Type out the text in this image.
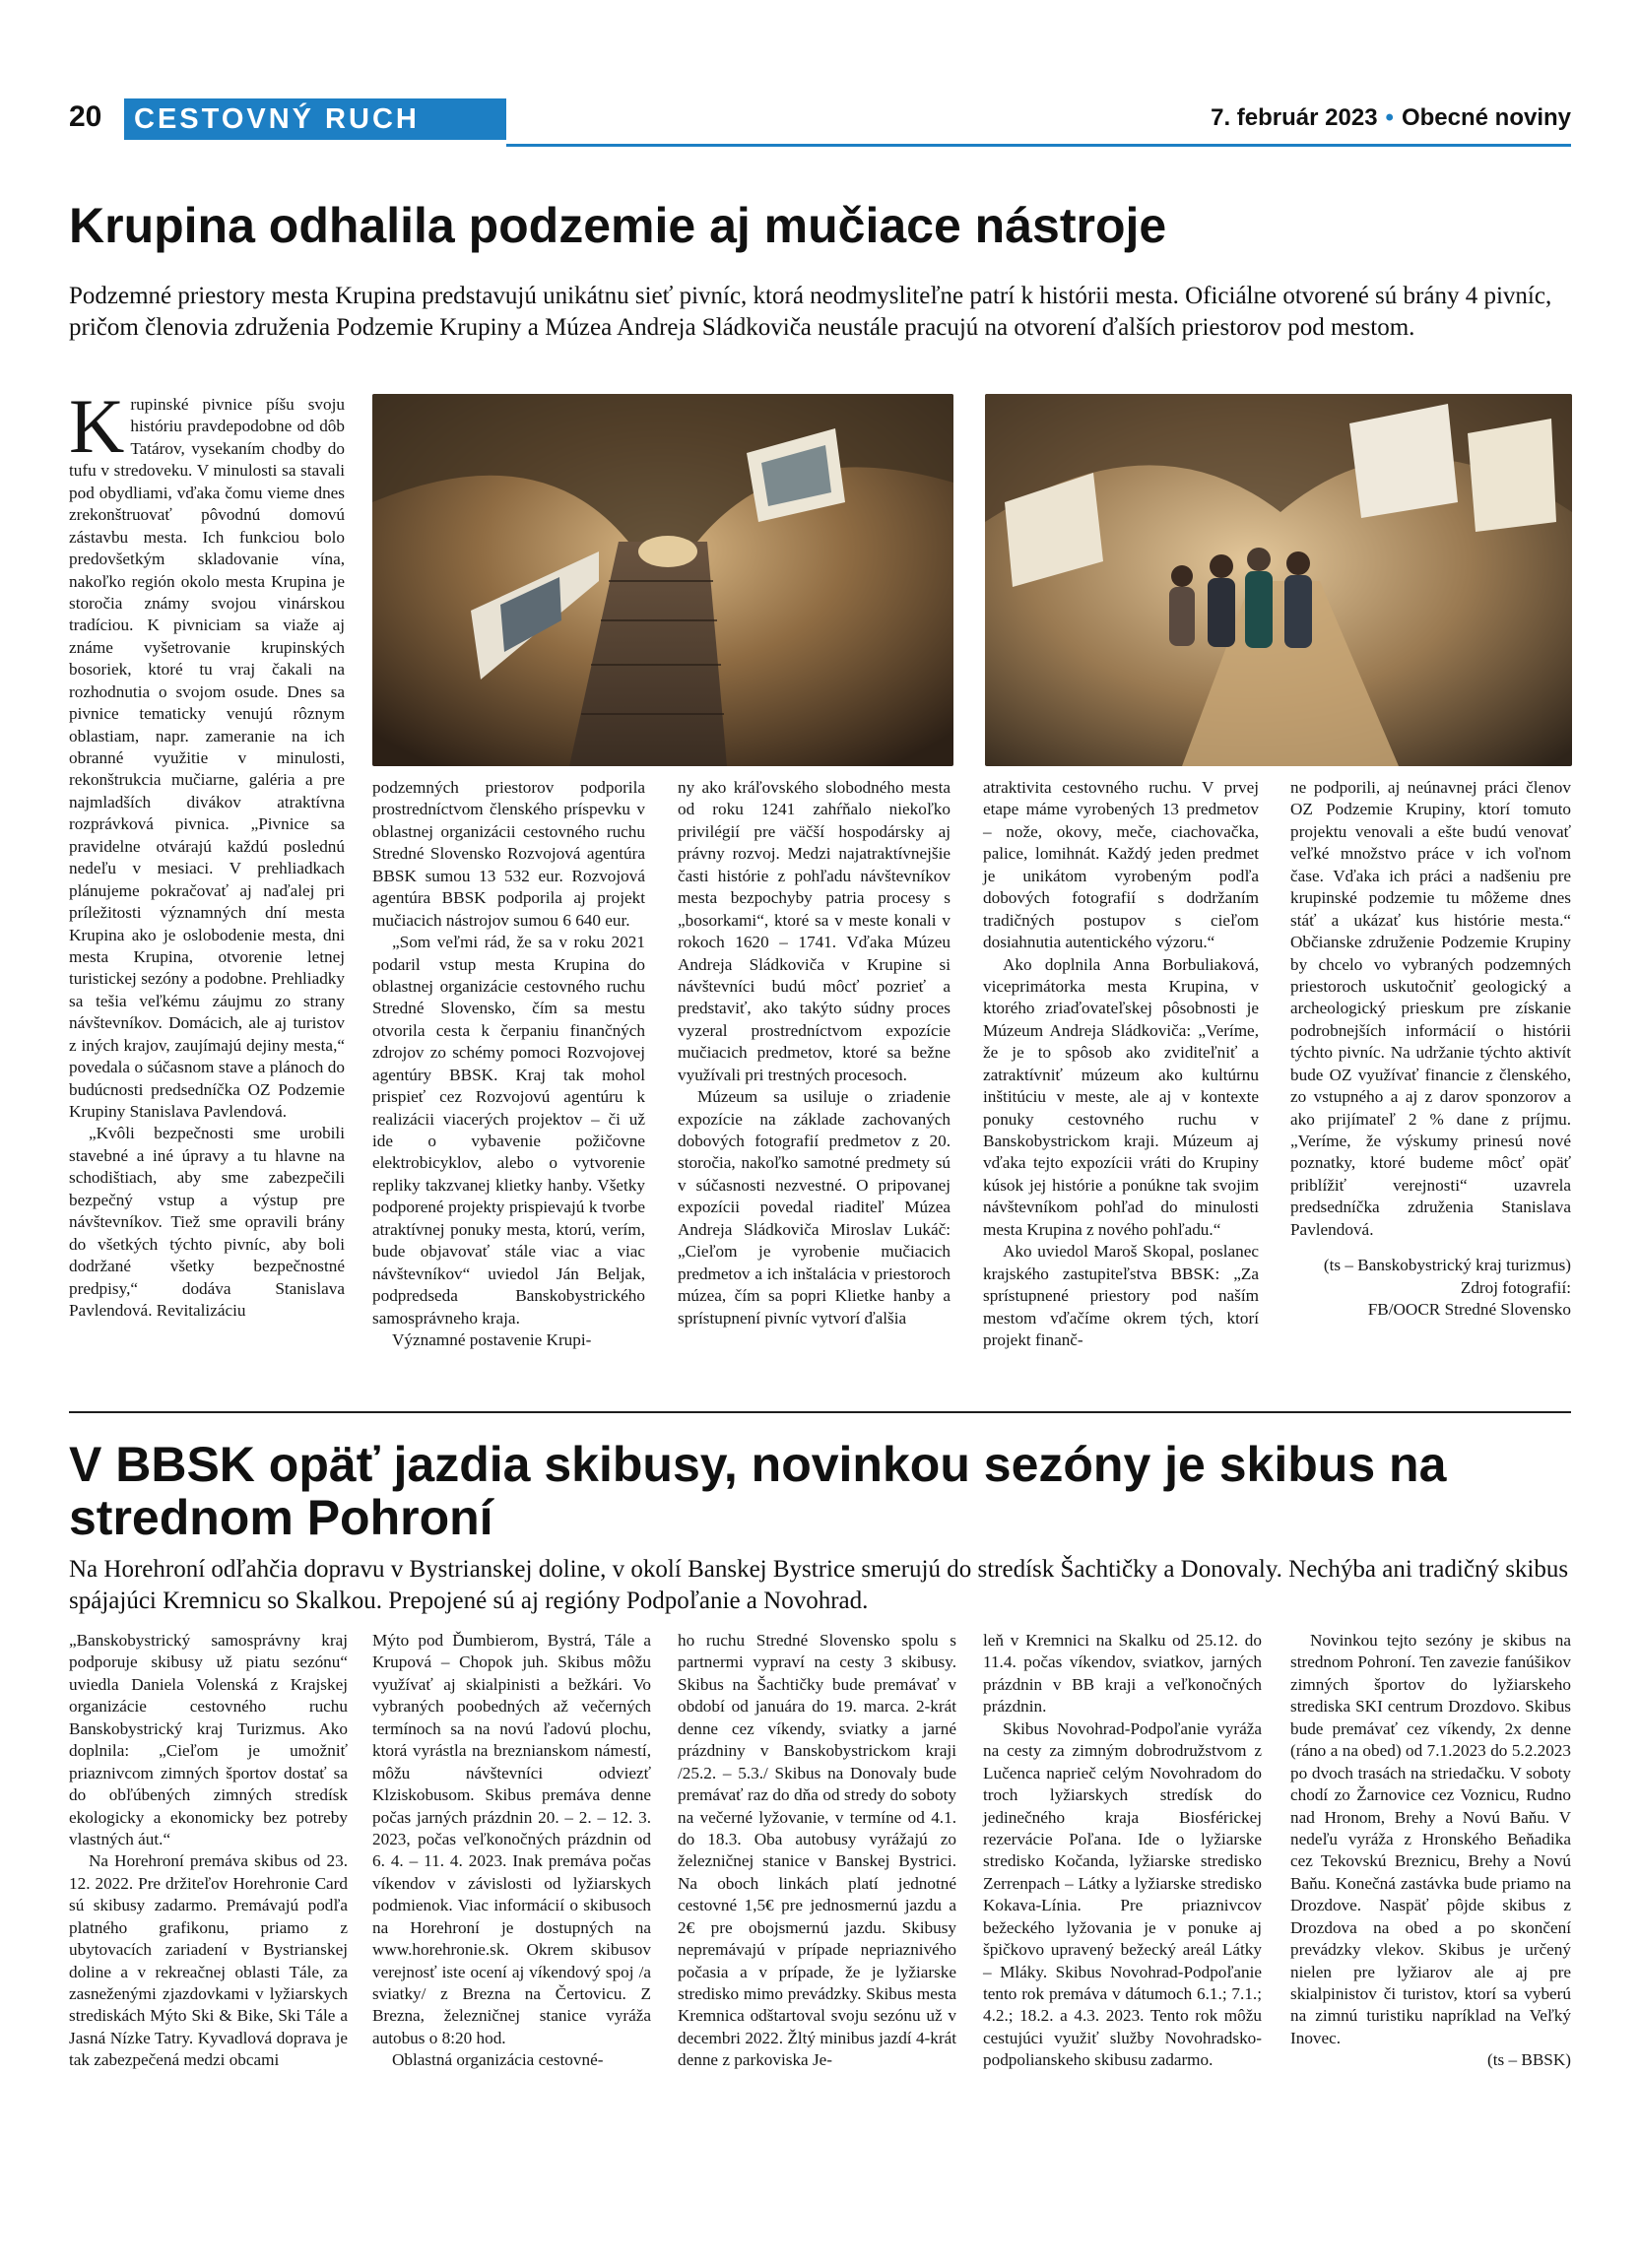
20	CESTOVNÝ RUCH	7. február 2023 • Obecné noviny
Krupina odhalila podzemie aj mučiace nástroje

Podzemné priestory mesta Krupina predstavujú unikátnu sieť pivníc, ktorá neodmysliteľne patrí k histórii mesta. Oficiálne otvorené sú brány 4 pivníc, pričom členovia združenia Podzemie Krupiny a Múzea Andreja Sládkoviča neustále pracujú na otvorení ďalších priestorov pod mestom.

Krupinské pivnice píšu svoju históriu pravdepodobne od dôb Tatárov, vysekaním chodby do tufu v stredoveku. V minulosti sa stavali pod obydliami, vďaka čomu vieme dnes zrekonštruovať pôvodnú domovú zástavbu mesta. Ich funkciou bolo predovšetkým skladovanie vína, nakoľko región okolo mesta Krupina je storočia známy svojou vinárskou tradíciou. K pivniciam sa viaže aj známe vyšetrovanie krupinských bosoriek, ktoré tu vraj čakali na rozhodnutia o svojom osude. Dnes sa pivnice tematicky venujú rôznym oblastiam, napr. zameranie na ich obranné využitie v minulosti, rekonštrukcia mučiarne, galéria a pre najmladších divákov atraktívna rozprávková pivnica. „Pivnice sa pravidelne otvárajú každú poslednú nedeľu v mesiaci. V prehliadkach plánujeme pokračovať aj naďalej pri príležitosti významných dní mesta Krupina ako je oslobodenie mesta, dni mesta Krupina, otvorenie letnej turistickej sezóny a podobne. Prehliadky sa tešia veľkému záujmu zo strany návštevníkov. Domácich, ale aj turistov z iných krajov, zaujímajú dejiny mesta,“ povedala o súčasnom stave a plánoch do budúcnosti predsedníčka OZ Podzemie Krupiny Stanislava Pavlendová.

„Kvôli bezpečnosti sme urobili stavebné a iné úpravy a tu hlavne na schodištiach, aby sme zabezpečili bezpečný vstup a výstup pre návštevníkov. Tiež sme opravili brány do všetkých týchto pivníc, aby boli dodržané všetky bezpečnostné predpisy,“ dodáva Stanislava Pavlendová. Revitalizáciu

podzemných priestorov podporila prostredníctvom členského príspevku v oblastnej organizácii cestovného ruchu Stredné Slovensko Rozvojová agentúra BBSK sumou 13 532 eur. Rozvojová agentúra BBSK podporila aj projekt mučiacich nástrojov sumou 6 640 eur.

„Som veľmi rád, že sa v roku 2021 podaril vstup mesta Krupina do oblastnej organizácie cestovného ruchu Stredné Slovensko, čím sa mestu otvorila cesta k čerpaniu finančných zdrojov zo schémy pomoci Rozvojovej agentúry BBSK. Kraj tak mohol prispieť cez Rozvojovú agentúru k realizácii viacerých projektov – či už ide o vybavenie požičovne elektrobicyklov, alebo o vytvorenie repliky takzvanej klietky hanby. Všetky podporené projekty prispievajú k tvorbe atraktívnej ponuky mesta, ktorú, verím, bude objavovať stále viac a viac návštevníkov“ uviedol Ján Beljak, podpredseda Banskobystrického samosprávneho kraja.

Významné postavenie Krupi-

ny ako kráľovského slobodného mesta od roku 1241 zahŕňalo niekoľko privilégií pre väčší hospodársky aj právny rozvoj. Medzi najatraktívnejšie časti histórie z pohľadu návštevníkov mesta bezpochyby patria procesy s „bosorkami“, ktoré sa v meste konali v rokoch 1620 – 1741. Vďaka Múzeu Andreja Sládkoviča v Krupine si návštevníci budú môcť pozrieť a predstaviť, ako takýto súdny proces vyzeral prostredníctvom expozície mučiacich predmetov, ktoré sa bežne využívali pri trestných procesoch.

Múzeum sa usiluje o zriadenie expozície na základe zachovaných dobových fotografií predmetov z 20. storočia, nakoľko samotné predmety sú v súčasnosti nezvestné. O pripovanej expozícii povedal riaditeľ Múzea Andreja Sládkoviča Miroslav Lukáč: „Cieľom je vyrobenie mučiacich predmetov a ich inštalácia v priestoroch múzea, čím sa popri Klietke hanby a sprístupnení pivníc vytvorí ďalšia

atraktivita cestovného ruchu. V prvej etape máme vyrobených 13 predmetov – nože, okovy, meče, ciachovačka, palice, lomihnát. Každý jeden predmet je unikátom vyrobeným podľa dobových fotografií s dodržaním tradičných postupov s cieľom dosiahnutia autentického výzoru.“

Ako doplnila Anna Borbuliaková, viceprimátorka mesta Krupina, v ktorého zriaďovateľskej pôsobnosti je Múzeum Andreja Sládkoviča: „Veríme, že je to spôsob ako zviditeľniť a zatraktívniť múzeum ako kultúrnu inštitúciu v meste, ale aj v kontexte ponuky cestovného ruchu v Banskobystrickom kraji. Múzeum aj vďaka tejto expozícii vráti do Krupiny kúsok jej histórie a ponúkne tak svojim návštevníkom pohľad do minulosti mesta Krupina z nového pohľadu.“

Ako uviedol Maroš Skopal, poslanec krajského zastupiteľstva BBSK: „Za sprístupnené priestory pod naším mestom vďačíme okrem tých, ktorí projekt finanč-

ne podporili, aj neúnavnej práci členov OZ Podzemie Krupiny, ktorí tomuto projektu venovali a ešte budú venovať veľké množstvo práce v ich voľnom čase. Vďaka ich práci a nadšeniu pre krupinské podzemie tu môžeme dnes stáť a ukázať kus histórie mesta.“ Občianske združenie Podzemie Krupiny by chcelo vo vybraných podzemných priestoroch uskutočniť geologický a archeologický prieskum pre získanie podrobnejších informácií o histórii týchto pivníc. Na udržanie týchto aktivít bude OZ využívať financie z členského, zo vstupného a aj z darov sponzorov a ako prijímateľ 2 % dane z príjmu. „Veríme, že výskumy prinesú nové poznatky, ktoré budeme môcť opäť priblížiť verejnosti“ uzavrela predsedníčka združenia Stanislava Pavlendová.

(ts – Banskobystrický kraj turizmus)

Zdroj fotografií:

FB/OOCR Stredné Slovensko

V BBSK opäť jazdia skibusy, novinkou sezóny je skibus na strednom Pohroní

Na Horehroní odľahčia dopravu v Bystrianskej doline, v okolí Banskej Bystrice smerujú do stredísk Šachtičky a Donovaly. Nechýba ani tradičný skibus spájajúci Kremnicu so Skalkou. Prepojené sú aj regióny Podpoľanie a Novohrad.

„Banskobystrický samosprávny kraj podporuje skibusy už piatu sezónu“ uviedla Daniela Volenská z Krajskej organizácie cestovného ruchu Banskobystrický kraj Turizmus. Ako doplnila: „Cieľom je umožniť priaznivcom zimných športov dostať sa do obľúbených zimných stredísk ekologicky a ekonomicky bez potreby vlastných áut.“

Na Horehroní premáva skibus od 23. 12. 2022. Pre držiteľov Horehronie Card sú skibusy zadarmo. Premávajú podľa platného grafikonu, priamo z ubytovacích zariadení v Bystrianskej doline a v rekreačnej oblasti Tále, za zasneženými zjazdovkami v lyžiarskych strediskách Mýto Ski & Bike, Ski Tále a Jasná Nízke Tatry. Kyvadlová doprava je tak zabezpečená medzi obcami

Mýto pod Ďumbierom, Bystrá, Tále a Krupová – Chopok juh. Skibus môžu využívať aj skialpinisti a bežkári. Vo vybraných poobedných až večerných termínoch sa na novú ľadovú plochu, ktorá vyrástla na breznianskom námestí, môžu návštevníci odviezť Klziskobusom. Skibus premáva denne počas jarných prázdnin 20. – 2. – 12. 3. 2023, počas veľkonočných prázdnin od 6. 4. – 11. 4. 2023. Inak premáva počas víkendov v závislosti od lyžiarskych podmienok. Viac informácií o skibusoch na Horehroní je dostupných na www.horehronie.sk. Okrem skibusov verejnosť iste ocení aj víkendový spoj /a sviatky/ z Brezna na Čertovicu. Z Brezna, železničnej stanice vyráža autobus o 8:20 hod.

Oblastná organizácia cestovné-

ho ruchu Stredné Slovensko spolu s partnermi vypraví na cesty 3 skibusy. Skibus na Šachtičky bude premávať v období od januára do 19. marca. 2-krát denne cez víkendy, sviatky a jarné prázdniny v Banskobystrickom kraji /25.2. – 5.3./ Skibus na Donovaly bude premávať raz do dňa od stredy do soboty na večerné lyžovanie, v termíne od 4.1. do 18.3. Oba autobusy vyrážajú zo železničnej stanice v Banskej Bystrici. Na oboch linkách platí jednotné cestovné 1,5€ pre jednosmernú jazdu a 2€ pre obojsmernú jazdu. Skibusy nepremávajú v prípade nepriaznivého počasia a v prípade, že je lyžiarske stredisko mimo prevádzky. Skibus mesta Kremnica odštartoval svoju sezónu už v decembri 2022. Žltý minibus jazdí 4-krát denne z parkoviska Je-

leň v Kremnici na Skalku od 25.12. do 11.4. počas víkendov, sviatkov, jarných prázdnin v BB kraji a veľkonočných prázdnin.

Skibus Novohrad-Podpoľanie vyráža na cesty za zimným dobrodružstvom z Lučenca naprieč celým Novohradom do troch lyžiarskych stredísk do jedinečného kraja Biosférickej rezervácie Poľana. Ide o lyžiarske stredisko Kočanda, lyžiarske stredisko Zerrenpach – Látky a lyžiarske stredisko Kokava-Línia. Pre priaznivcov bežeckého lyžovania je v ponuke aj špičkovo upravený bežecký areál Látky – Mláky. Skibus Novohrad-Podpoľanie tento rok premáva v dátumoch 6.1.; 7.1.; 4.2.; 18.2. a 4.3. 2023. Tento rok môžu cestujúci využiť služby Novohradsko-podpolianskeho skibusu zadarmo.

Novinkou tejto sezóny je skibus na strednom Pohroní. Ten zavezie fanúšikov zimných športov do lyžiarskeho strediska SKI centrum Drozdovo. Skibus bude premávať cez víkendy, 2x denne (ráno a na obed) od 7.1.2023 do 5.2.2023 po dvoch trasách na striedačku. V soboty chodí zo Žarnovice cez Voznicu, Rudno nad Hronom, Brehy a Novú Baňu. V nedeľu vyráža z Hronského Beňadika cez Tekovskú Breznicu, Brehy a Novú Baňu. Konečná zastávka bude priamo na Drozdove. Naspäť pôjde skibus z Drozdova na obed a po skončení prevádzky vlekov. Skibus je určený nielen pre lyžiarov ale aj pre skialpinistov či turistov, ktorí sa vyberú na zimnú turistiku napríklad na Veľký Inovec.

(ts – BBSK)
